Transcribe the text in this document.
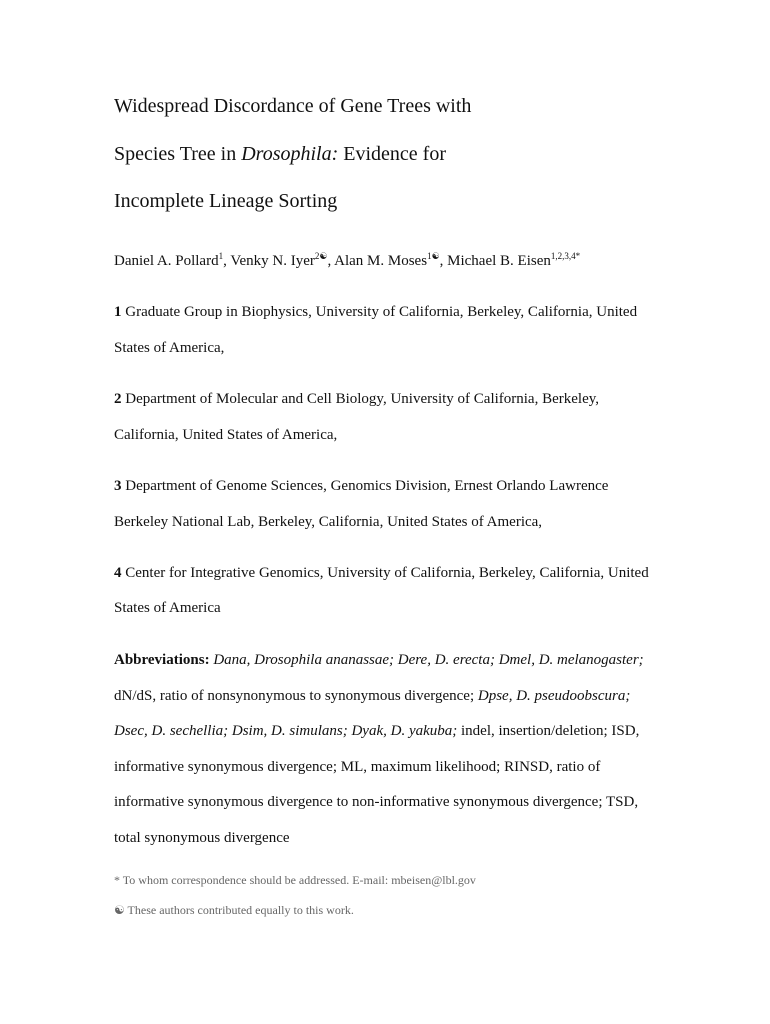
Widespread Discordance of Gene Trees with
Species Tree in Drosophila: Evidence for
Incomplete Lineage Sorting
Daniel A. Pollard$^1$, Venky N. Iyer$^{2☯}$, Alan M. Moses$^{1☯}$, Michael B. Eisen$^{1,2,3,4*}$
1 Graduate Group in Biophysics, University of California, Berkeley, California, United
States of America,
2 Department of Molecular and Cell Biology, University of California, Berkeley,
California, United States of America,
3 Department of Genome Sciences, Genomics Division, Ernest Orlando Lawrence
Berkeley National Lab, Berkeley, California, United States of America,
4 Center for Integrative Genomics, University of California, Berkeley, California, United
States of America
Abbreviations: Dana, Drosophila ananassae; Dere, D. erecta; Dmel, D. melanogaster;
dN/dS, ratio of nonsynonymous to synonymous divergence; Dpse, D. pseudoobscura;
Dsec, D. sechellia; Dsim, D. simulans; Dyak, D. yakuba; indel, insertion/deletion; ISD,
informative synonymous divergence; ML, maximum likelihood; RINSD, ratio of
informative synonymous divergence to non-informative synonymous divergence; TSD,
total synonymous divergence
* To whom correspondence should be addressed. E-mail: mbeisen@lbl.gov
☯ These authors contributed equally to this work.
